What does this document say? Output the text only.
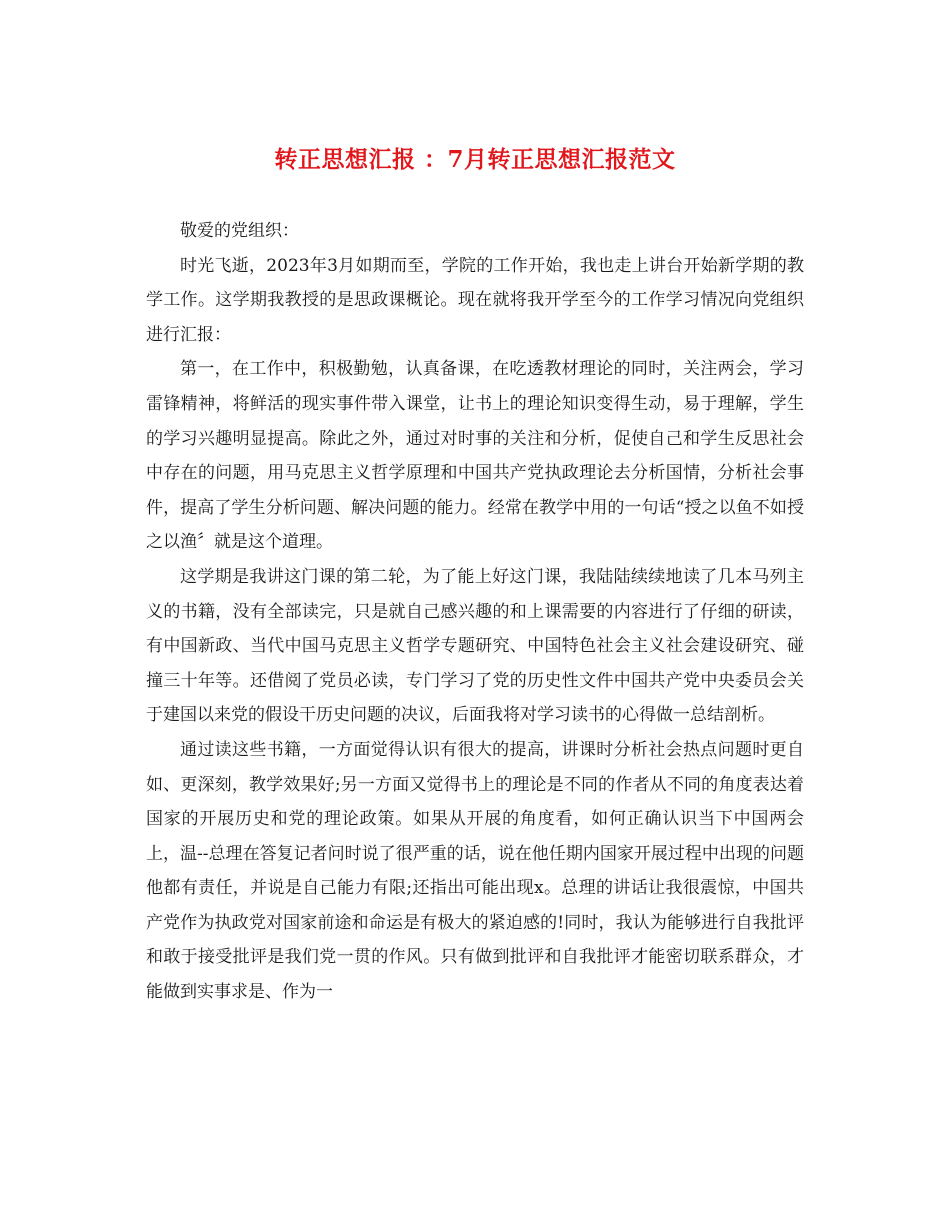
转正思想汇报 ：7月转正思想汇报范文

敬爱的党组织：

时光飞逝，2023年3月如期而至，学院的工作开始，我也走上讲台开始新学期的教学工作。这学期我教授的是思政课概论。现在就将我开学至今的工作学习情况向党组织进行汇报：

第一，在工作中，积极勤勉，认真备课，在吃透教材理论的同时，关注两会，学习雷锋精神，将鲜活的现实事件带入课堂，让书上的理论知识变得生动，易于理解，学生的学习兴趣明显提高。除此之外，通过对时事的关注和分析，促使自己和学生反思社会中存在的问题，用马克思主义哲学原理和中国共产党执政理论去分析国情，分析社会事件，提高了学生分析问题、解决问题的能力。经常在教学中用的一句话“授之以鱼不如授之以渔〞就是这个道理。

这学期是我讲这门课的第二轮，为了能上好这门课，我陆陆续续地读了几本马列主义的书籍，没有全部读完，只是就自己感兴趣的和上课需要的内容进行了仔细的研读，有中国新政、当代中国马克思主义哲学专题研究、中国特色社会主义社会建设研究、碰撞三十年等。还借阅了党员必读，专门学习了党的历史性文件中国共产党中央委员会关于建国以来党的假设干历史问题的决议，后面我将对学习读书的心得做一总结剖析。

通过读这些书籍，一方面觉得认识有很大的提高，讲课时分析社会热点问题时更自如、更深刻，教学效果好;另一方面又觉得书上的理论是不同的作者从不同的角度表达着国家的开展历史和党的理论政策。如果从开展的角度看，如何正确认识当下中国两会上，温--总理在答复记者问时说了很严重的话，说在他任期内国家开展过程中出现的问题他都有责任，并说是自己能力有限;还指出可能出现x。总理的讲话让我很震惊，中国共产党作为执政党对国家前途和命运是有极大的紧迫感的!同时，我认为能够进行自我批评和敢于接受批评是我们党一贯的作风。只有做到批评和自我批评才能密切联系群众，才能做到实事求是、作为一
